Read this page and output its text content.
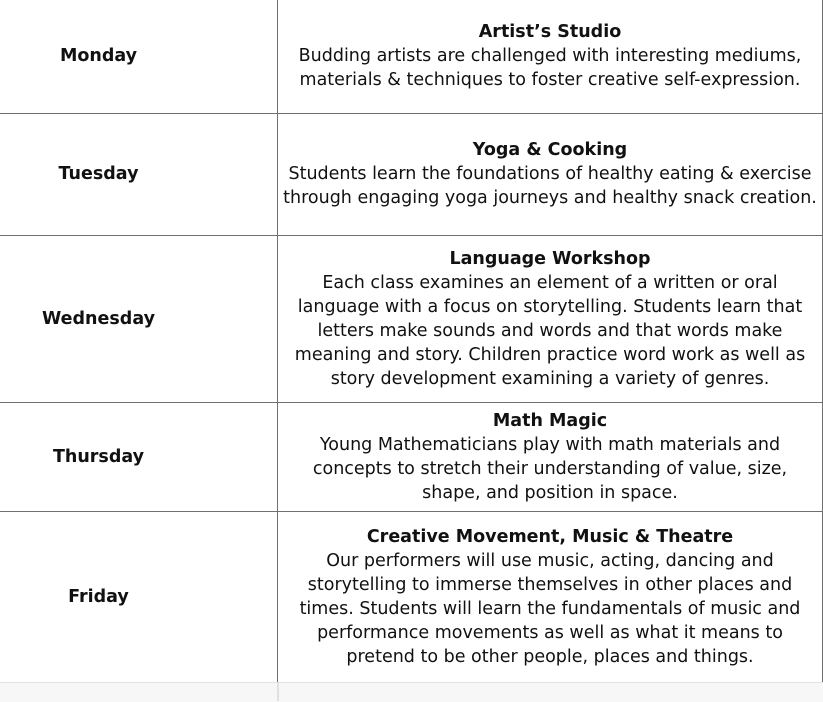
Monday	Artist’s Studio
Budding artists are challenged with interesting mediums, materials & techniques to foster creative self-expression.

Tuesday	Yoga & Cooking
Students learn the foundations of healthy eating & exercise through engaging yoga journeys and healthy snack creation.

Wednesday	Language Workshop
Each class examines an element of a written or oral language with a focus on storytelling. Students learn that letters make sounds and words and that words make meaning and story. Children practice word work as well as story development examining a variety of genres.

Thursday	Math Magic
Young Mathematicians play with math materials and concepts to stretch their understanding of value, size, shape, and position in space.

Friday	Creative Movement, Music & Theatre
Our performers will use music, acting, dancing and storytelling to immerse themselves in other places and times. Students will learn the fundamentals of music and performance movements as well as what it means to pretend to be other people, places and things.
